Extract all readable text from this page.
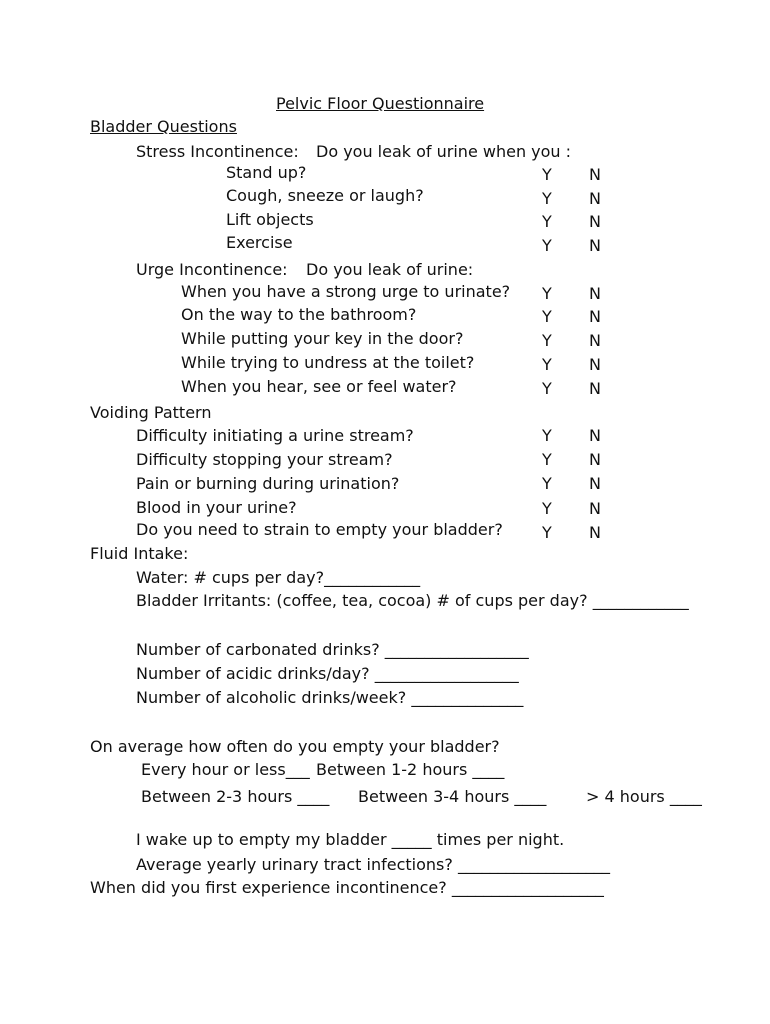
Pelvic Floor Questionnaire
Bladder Questions
Stress Incontinence: Do you leak of urine when you :
Stand up?	Y N
Cough, sneeze or laugh?	Y N
Lift objects	Y N
Exercise	Y N
Urge Incontinence: Do you leak of urine:
When you have a strong urge to urinate? Y N
On the way to the bathroom?	Y N
While putting your key in the door?	Y N
While trying to undress at the toilet?	Y N
When you hear, see or feel water?	Y N
Voiding Pattern
Difficulty initiating a urine stream?	Y N
Difficulty stopping your stream?	Y N
Pain or burning during urination?	Y N
Blood in your urine?	Y N
Do you need to strain to empty your bladder? Y N
Fluid Intake:
Water: # cups per day?____________
Bladder Irritants: (coffee, tea, cocoa) # of cups per day? ____________
Number of carbonated drinks? __________________
Number of acidic drinks/day? __________________
Number of alcoholic drinks/week? ______________
On average how often do you empty your bladder?
Every hour or less___ Between 1-2 hours ____
Between 2-3 hours ____ Between 3-4 hours ____ > 4 hours ____
I wake up to empty my bladder _____ times per night.
Average yearly urinary tract infections? ___________________
When did you first experience incontinence? ___________________
